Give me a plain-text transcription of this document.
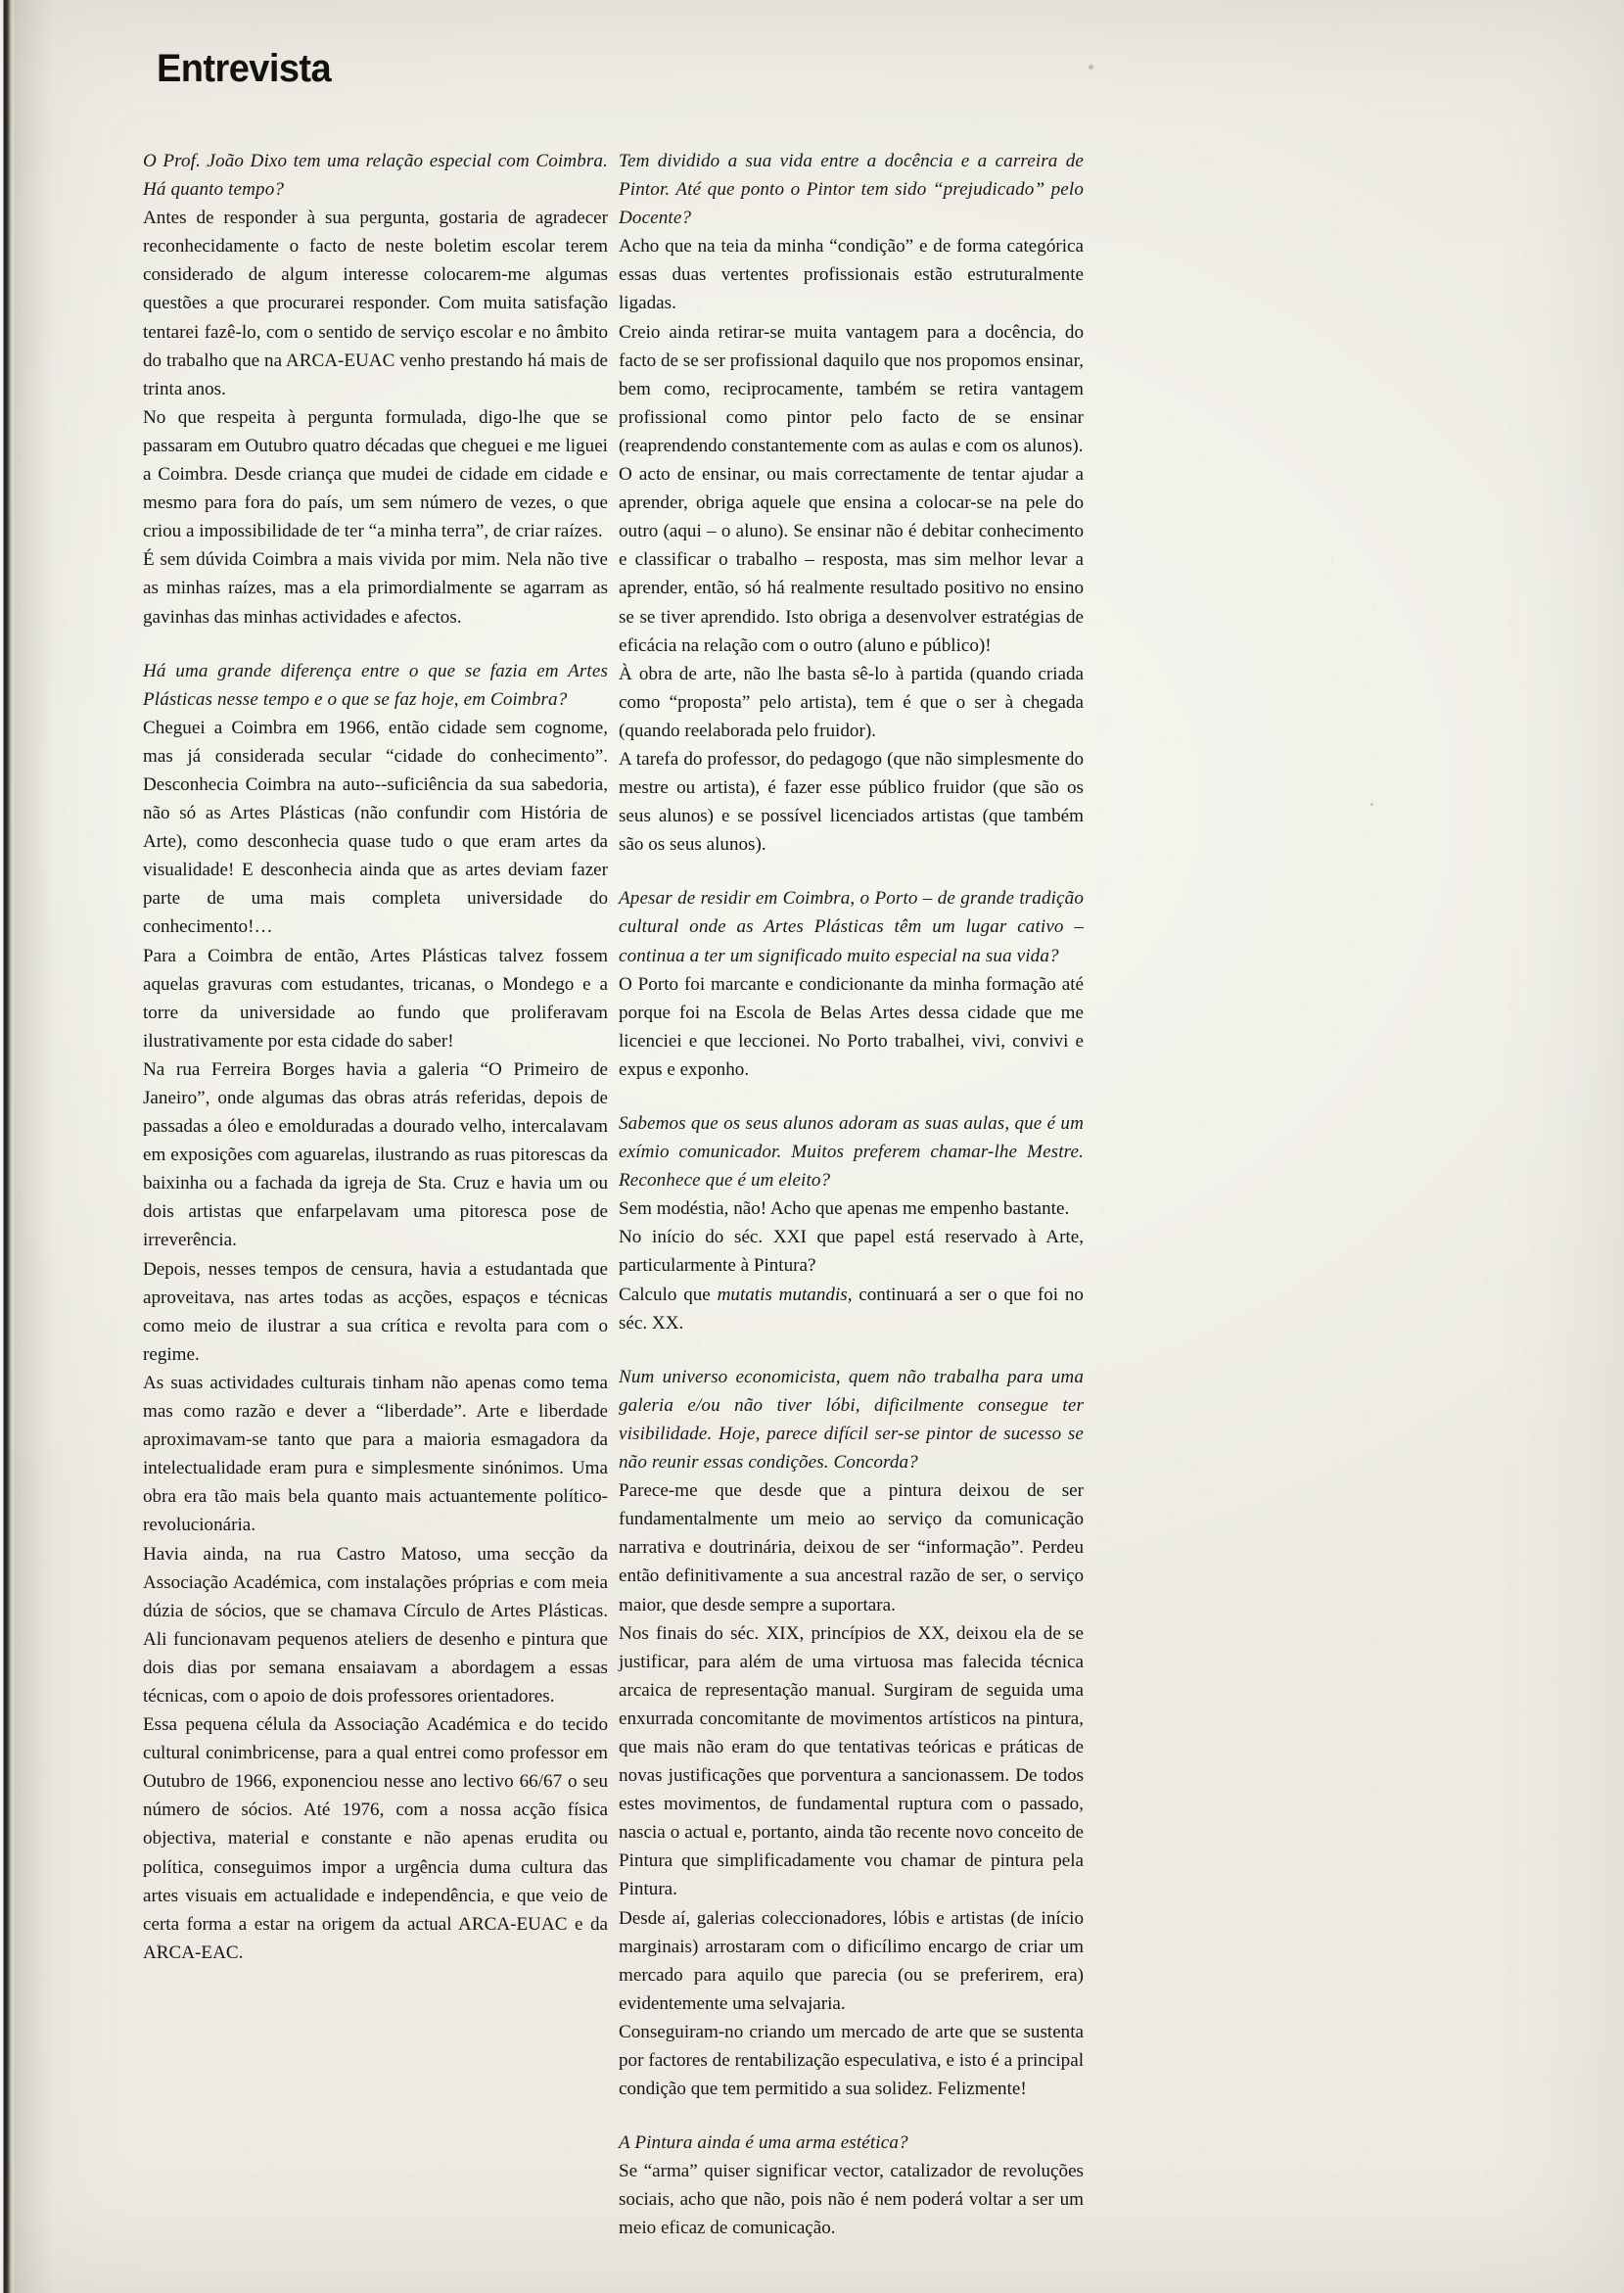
Entrevista

O Prof. João Dixo tem uma relação especial com Coimbra. Há quanto tempo?

Antes de responder à sua pergunta, gostaria de agradecer reconhecidamente o facto de neste boletim escolar terem considerado de algum interesse colocarem-me algumas questões a que procurarei responder. Com muita satisfação tentarei fazê-lo, com o sentido de serviço escolar e no âmbito do trabalho que na ARCA-EUAC venho prestando há mais de trinta anos.

No que respeita à pergunta formulada, digo-lhe que se passaram em Outubro quatro décadas que cheguei e me liguei a Coimbra. Desde criança que mudei de cidade em cidade e mesmo para fora do país, um sem número de vezes, o que criou a impossibilidade de ter “a minha terra”, de criar raízes.

É sem dúvida Coimbra a mais vivida por mim. Nela não tive as minhas raízes, mas a ela primordialmente se agarram as gavinhas das minhas actividades e afectos.

Há uma grande diferença entre o que se fazia em Artes Plásticas nesse tempo e o que se faz hoje, em Coimbra?

Cheguei a Coimbra em 1966, então cidade sem cognome, mas já considerada secular “cidade do conhecimento”. Desconhecia Coimbra na auto--suficiência da sua sabedoria, não só as Artes Plásticas (não confundir com História de Arte), como desconhecia quase tudo o que eram artes da visualidade! E desconhecia ainda que as artes deviam fazer parte de uma mais completa universidade do conhecimento!…

Para a Coimbra de então, Artes Plásticas talvez fossem aquelas gravuras com estudantes, tricanas, o Mondego e a torre da universidade ao fundo que proliferavam ilustrativamente por esta cidade do saber!

Na rua Ferreira Borges havia a galeria “O Primeiro de Janeiro”, onde algumas das obras atrás referidas, depois de passadas a óleo e emolduradas a dourado velho, intercalavam em exposições com aguarelas, ilustrando as ruas pitorescas da baixinha ou a fachada da igreja de Sta. Cruz e havia um ou dois artistas que enfarpelavam uma pitoresca pose de irreverência.

Depois, nesses tempos de censura, havia a estudantada que aproveitava, nas artes todas as acções, espaços e técnicas como meio de ilustrar a sua crítica e revolta para com o regime.

As suas actividades culturais tinham não apenas como tema mas como razão e dever a “liberdade”. Arte e liberdade aproximavam-se tanto que para a maioria esmagadora da intelectualidade eram pura e simplesmente sinónimos. Uma obra era tão mais bela quanto mais actuantemente político-revolucionária.

Havia ainda, na rua Castro Matoso, uma secção da Associação Académica, com instalações próprias e com meia dúzia de sócios, que se chamava Círculo de Artes Plásticas. Ali funcionavam pequenos ateliers de desenho e pintura que dois dias por semana ensaiavam a abordagem a essas técnicas, com o apoio de dois professores orientadores.

Essa pequena célula da Associação Académica e do tecido cultural conimbricense, para a qual entrei como professor em Outubro de 1966, exponenciou nesse ano lectivo 66/67 o seu número de sócios. Até 1976, com a nossa acção física objectiva, material e constante e não apenas erudita ou política, conseguimos impor a urgência duma cultura das artes visuais em actualidade e independência, e que veio de certa forma a estar na origem da actual ARCA-EUAC e da ARCA-EAC.

Tem dividido a sua vida entre a docência e a carreira de Pintor. Até que ponto o Pintor tem sido “prejudicado” pelo Docente?

Acho que na teia da minha “condição” e de forma categórica essas duas vertentes profissionais estão estruturalmente ligadas.

Creio ainda retirar-se muita vantagem para a docência, do facto de se ser profissional daquilo que nos propomos ensinar, bem como, reciprocamente, também se retira vantagem profissional como pintor pelo facto de se ensinar (reaprendendo constantemente com as aulas e com os alunos).

O acto de ensinar, ou mais correctamente de tentar ajudar a aprender, obriga aquele que ensina a colocar-se na pele do outro (aqui – o aluno). Se ensinar não é debitar conhecimento e classificar o trabalho – resposta, mas sim melhor levar a aprender, então, só há realmente resultado positivo no ensino se se tiver aprendido. Isto obriga a desenvolver estratégias de eficácia na relação com o outro (aluno e público)!

À obra de arte, não lhe basta sê-lo à partida (quando criada como “proposta” pelo artista), tem é que o ser à chegada (quando reelaborada pelo fruidor).

A tarefa do professor, do pedagogo (que não simplesmente do mestre ou artista), é fazer esse público fruidor (que são os seus alunos) e se possível licenciados artistas (que também são os seus alunos).

Apesar de residir em Coimbra, o Porto – de grande tradição cultural onde as Artes Plásticas têm um lugar cativo – continua a ter um significado muito especial na sua vida?

O Porto foi marcante e condicionante da minha formação até porque foi na Escola de Belas Artes dessa cidade que me licenciei e que leccionei. No Porto trabalhei, vivi, convivi e expus e exponho.

Sabemos que os seus alunos adoram as suas aulas, que é um exímio comunicador. Muitos preferem chamar-lhe Mestre. Reconhece que é um eleito?

Sem modéstia, não! Acho que apenas me empenho bastante.

No início do séc. XXI que papel está reservado à Arte, particularmente à Pintura?

Calculo que mutatis mutandis, continuará a ser o que foi no séc. XX.

Num universo economicista, quem não trabalha para uma galeria e/ou não tiver lóbi, dificilmente consegue ter visibilidade. Hoje, parece difícil ser-se pintor de sucesso se não reunir essas condições. Concorda?

Parece-me que desde que a pintura deixou de ser fundamentalmente um meio ao serviço da comunicação narrativa e doutrinária, deixou de ser “informação”. Perdeu então definitivamente a sua ancestral razão de ser, o serviço maior, que desde sempre a suportara.

Nos finais do séc. XIX, princípios de XX, deixou ela de se justificar, para além de uma virtuosa mas falecida técnica arcaica de representação manual. Surgiram de seguida uma enxurrada concomitante de movimentos artísticos na pintura, que mais não eram do que tentativas teóricas e práticas de novas justificações que porventura a sancionassem. De todos estes movimentos, de fundamental ruptura com o passado, nascia o actual e, portanto, ainda tão recente novo conceito de Pintura que simplificadamente vou chamar de pintura pela Pintura.

Desde aí, galerias coleccionadores, lóbis e artistas (de início marginais) arrostaram com o dificílimo encargo de criar um mercado para aquilo que parecia (ou se preferirem, era) evidentemente uma selvajaria.

Conseguiram-no criando um mercado de arte que se sustenta por factores de rentabilização especulativa, e isto é a principal condição que tem permitido a sua solidez. Felizmente!

A Pintura ainda é uma arma estética?

Se “arma” quiser significar vector, catalizador de revoluções sociais, acho que não, pois não é nem poderá voltar a ser um meio eficaz de comunicação.
